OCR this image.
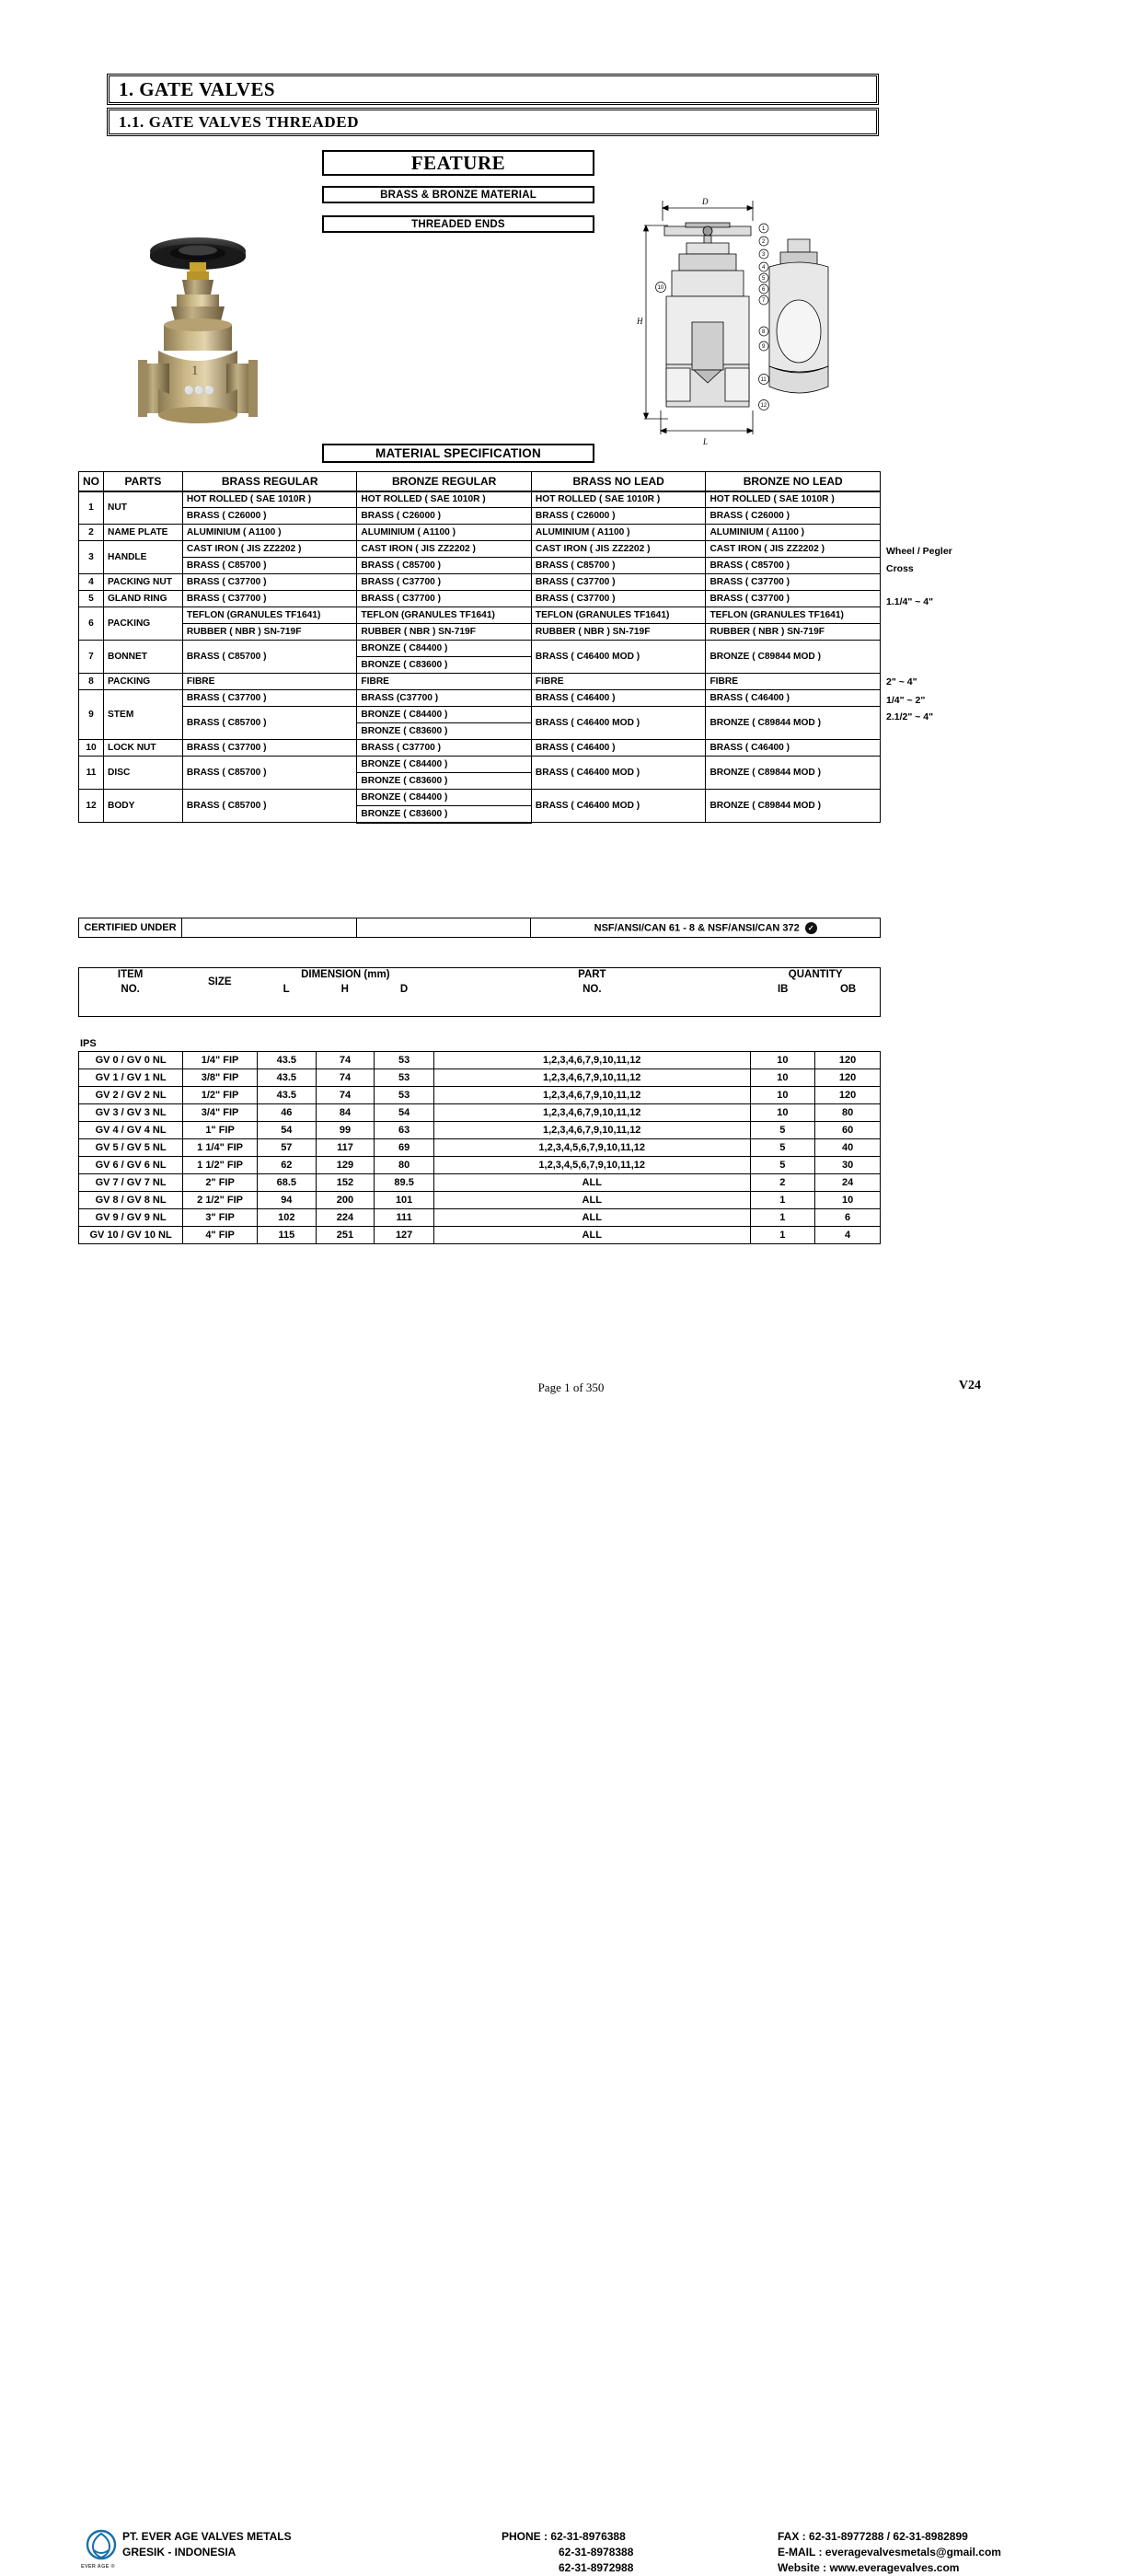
1. GATE VALVES
1.1. GATE VALVES THREADED
FEATURE
BRASS & BRONZE MATERIAL
THREADED ENDS
MATERIAL SPECIFICATION
1
⚪⚪⚪
D
H
L
1
2
3
4
5
6
7
8
9
10
11
12
NO	PARTS	BRASS REGULAR	BRONZE REGULAR	BRASS NO LEAD	BRONZE NO LEAD
1	NUT	HOT ROLLED ( SAE 1010R )	HOT ROLLED ( SAE 1010R )	HOT ROLLED ( SAE 1010R )	HOT ROLLED ( SAE 1010R )
		BRASS ( C26000 )	BRASS ( C26000 )	BRASS ( C26000 )	BRASS ( C26000 )
2	NAME PLATE	ALUMINIUM ( A1100 )	ALUMINIUM ( A1100 )	ALUMINIUM ( A1100 )	ALUMINIUM ( A1100 )
3	HANDLE	CAST IRON ( JIS ZZ2202 )	CAST IRON ( JIS ZZ2202 )	CAST IRON ( JIS ZZ2202 )	CAST IRON ( JIS ZZ2202 )
		BRASS ( C85700 )	BRASS ( C85700 )	BRASS ( C85700 )	BRASS ( C85700 )
4	PACKING NUT	BRASS ( C37700 )	BRASS ( C37700 )	BRASS ( C37700 )	BRASS ( C37700 )
5	GLAND RING	BRASS ( C37700 )	BRASS ( C37700 )	BRASS ( C37700 )	BRASS ( C37700 )
6	PACKING	TEFLON (GRANULES TF1641)	TEFLON (GRANULES TF1641)	TEFLON (GRANULES TF1641)	TEFLON (GRANULES TF1641)
		RUBBER ( NBR ) SN-719F	RUBBER ( NBR ) SN-719F	RUBBER ( NBR ) SN-719F	RUBBER ( NBR ) SN-719F
7	BONNET	BRASS ( C85700 )	BRONZE ( C84400 )	BRASS ( C46400 MOD )	BRONZE ( C89844 MOD )
			BRONZE ( C83600 )		
8	PACKING	FIBRE	FIBRE	FIBRE	FIBRE
9	STEM	BRASS ( C37700 )	BRASS (C37700 )	BRASS ( C46400 )	BRASS ( C46400 )
		BRASS ( C85700 )	BRONZE ( C84400 )	BRASS ( C46400 MOD )	BRONZE ( C89844 MOD )
			BRONZE ( C83600 )		
10	LOCK NUT	BRASS ( C37700 )	BRASS ( C37700 )	BRASS ( C46400 )	BRASS ( C46400 )
11	DISC	BRASS ( C85700 )	BRONZE ( C84400 )	BRASS ( C46400 MOD )	BRONZE ( C89844 MOD )
			BRONZE ( C83600 )		
12	BODY	BRASS ( C85700 )	BRONZE ( C84400 )	BRASS ( C46400 MOD )	BRONZE ( C89844 MOD )
			BRONZE ( C83600 )		
Wheel / Pegler
Cross
1.1/4" ~ 4"
2" ~ 4"
1/4" ~ 2"
2.1/2" ~ 4"
CERTIFIED UNDER			NSF/ANSI/CAN 61 - 8 & NSF/ANSI/CAN 372 ✓
ITEM	SIZE	DIMENSION (mm)			PART	QUANTITY	
NO.		L	H	D	NO.	IB	OB
IPS
GV 0 / GV 0 NL	1/4" FIP	43.5	74	53	1,2,3,4,6,7,9,10,11,12	10	120
GV 1 / GV 1 NL	3/8" FIP	43.5	74	53	1,2,3,4,6,7,9,10,11,12	10	120
GV 2 / GV 2 NL	1/2" FIP	43.5	74	53	1,2,3,4,6,7,9,10,11,12	10	120
GV 3 / GV 3 NL	3/4" FIP	46	84	54	1,2,3,4,6,7,9,10,11,12	10	80
GV 4 / GV 4 NL	1" FIP	54	99	63	1,2,3,4,6,7,9,10,11,12	5	60
GV 5 / GV 5 NL	1 1/4" FIP	57	117	69	1,2,3,4,5,6,7,9,10,11,12	5	40
GV 6 / GV 6 NL	1 1/2" FIP	62	129	80	1,2,3,4,5,6,7,9,10,11,12	5	30
GV 7 / GV 7 NL	2" FIP	68.5	152	89.5	ALL	2	24
GV 8 / GV 8 NL	2 1/2" FIP	94	200	101	ALL	1	10
GV 9 / GV 9 NL	3" FIP	102	224	111	ALL	1	6
GV 10 / GV 10 NL	4" FIP	115	251	127	ALL	1	4
EVER AGE ®
PT. EVER AGE VALVES METALS
GRESIK - INDONESIA
PHONE : 62-31-8976388
62-31-8978388
62-31-8972988
FAX : 62-31-8977288 / 62-31-8982899
E-MAIL : everagevalvesmetals@gmail.com
Website : www.everagevalves.com
Page 1 of 350	V24
